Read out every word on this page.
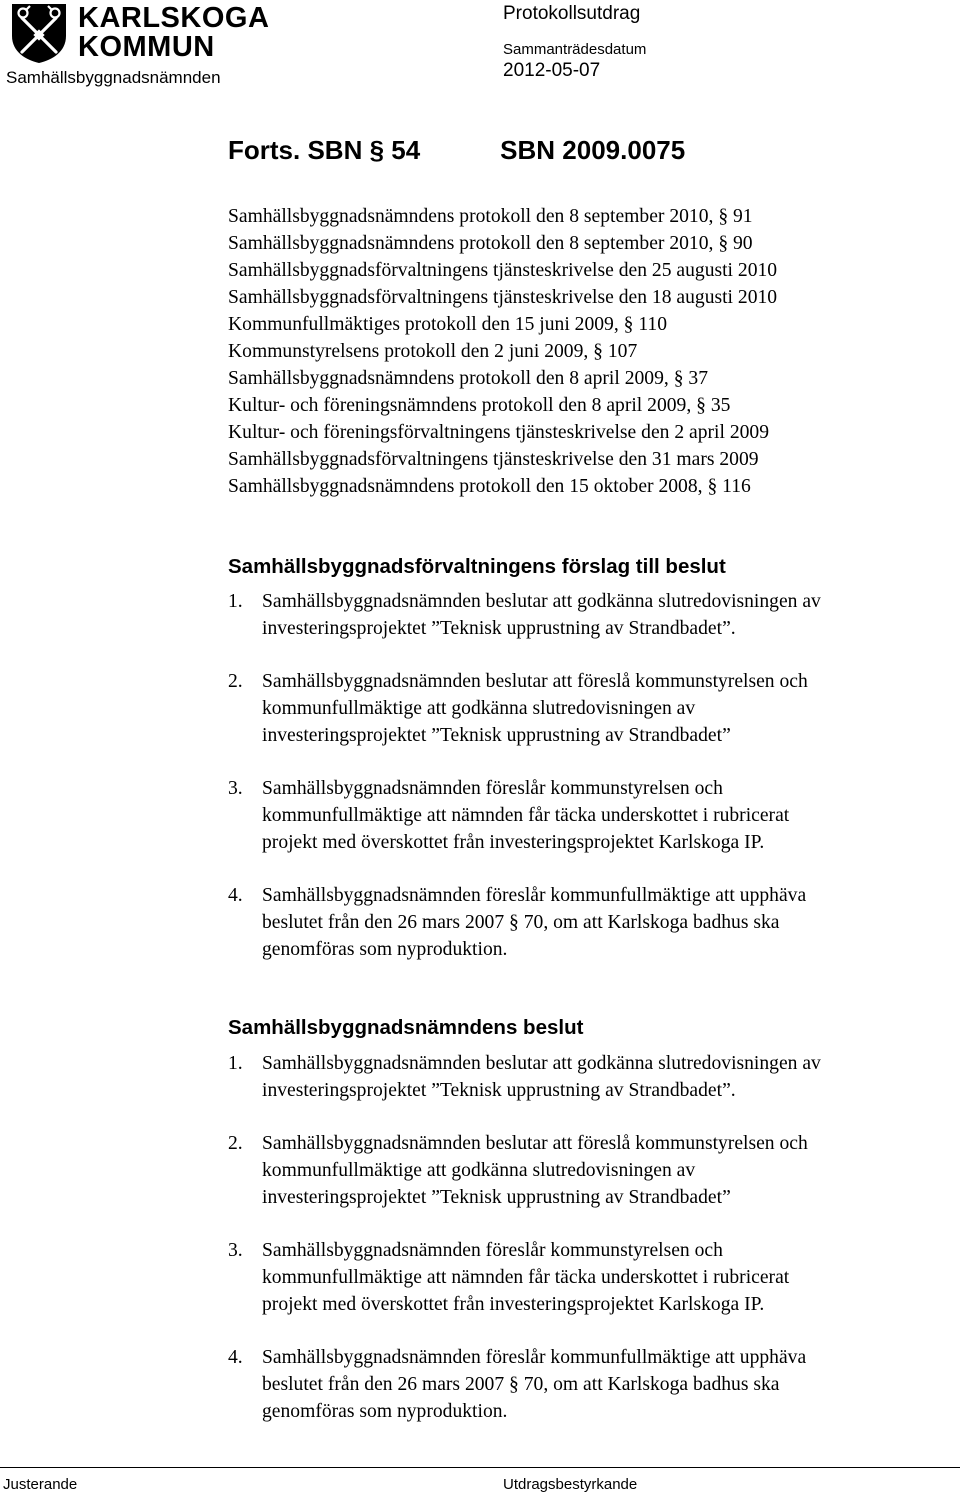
KARLSKOGA
KOMMUN
Samhällsbyggnadsnämnden
Protokollsutdrag
Sammanträdesdatum
2012-05-07
Forts. SBN § 54	SBN 2009.0075
Samhällsbyggnadsnämndens protokoll den 8 september 2010, § 91
Samhällsbyggnadsnämndens protokoll den 8 september 2010, § 90
Samhällsbyggnadsförvaltningens tjänsteskrivelse den 25 augusti 2010
Samhällsbyggnadsförvaltningens tjänsteskrivelse den 18 augusti 2010
Kommunfullmäktiges protokoll den 15 juni 2009, § 110
Kommunstyrelsens protokoll den 2 juni 2009, § 107
Samhällsbyggnadsnämndens protokoll den 8 april 2009, § 37
Kultur- och föreningsnämndens protokoll den 8 april 2009, § 35
Kultur- och föreningsförvaltningens tjänsteskrivelse den 2 april 2009
Samhällsbyggnadsförvaltningens tjänsteskrivelse den 31 mars 2009
Samhällsbyggnadsnämndens protokoll den 15 oktober 2008, § 116
Samhällsbyggnadsförvaltningens förslag till beslut
1. Samhällsbyggnadsnämnden beslutar att godkänna slutredovisningen av
investeringsprojektet ”Teknisk upprustning av Strandbadet”.
2. Samhällsbyggnadsnämnden beslutar att föreslå kommunstyrelsen och
kommunfullmäktige att godkänna slutredovisningen av
investeringsprojektet ”Teknisk upprustning av Strandbadet”
3. Samhällsbyggnadsnämnden föreslår kommunstyrelsen och
kommunfullmäktige att nämnden får täcka underskottet i rubricerat
projekt med överskottet från investeringsprojektet Karlskoga IP.
4. Samhällsbyggnadsnämnden föreslår kommunfullmäktige att upphäva
beslutet från den 26 mars 2007 § 70, om att Karlskoga badhus ska
genomföras som nyproduktion.
Samhällsbyggnadsnämndens beslut
1. Samhällsbyggnadsnämnden beslutar att godkänna slutredovisningen av
investeringsprojektet ”Teknisk upprustning av Strandbadet”.
2. Samhällsbyggnadsnämnden beslutar att föreslå kommunstyrelsen och
kommunfullmäktige att godkänna slutredovisningen av
investeringsprojektet ”Teknisk upprustning av Strandbadet”
3. Samhällsbyggnadsnämnden föreslår kommunstyrelsen och
kommunfullmäktige att nämnden får täcka underskottet i rubricerat
projekt med överskottet från investeringsprojektet Karlskoga IP.
4. Samhällsbyggnadsnämnden föreslår kommunfullmäktige att upphäva
beslutet från den 26 mars 2007 § 70, om att Karlskoga badhus ska
genomföras som nyproduktion.
Justerande	Utdragsbestyrkande
